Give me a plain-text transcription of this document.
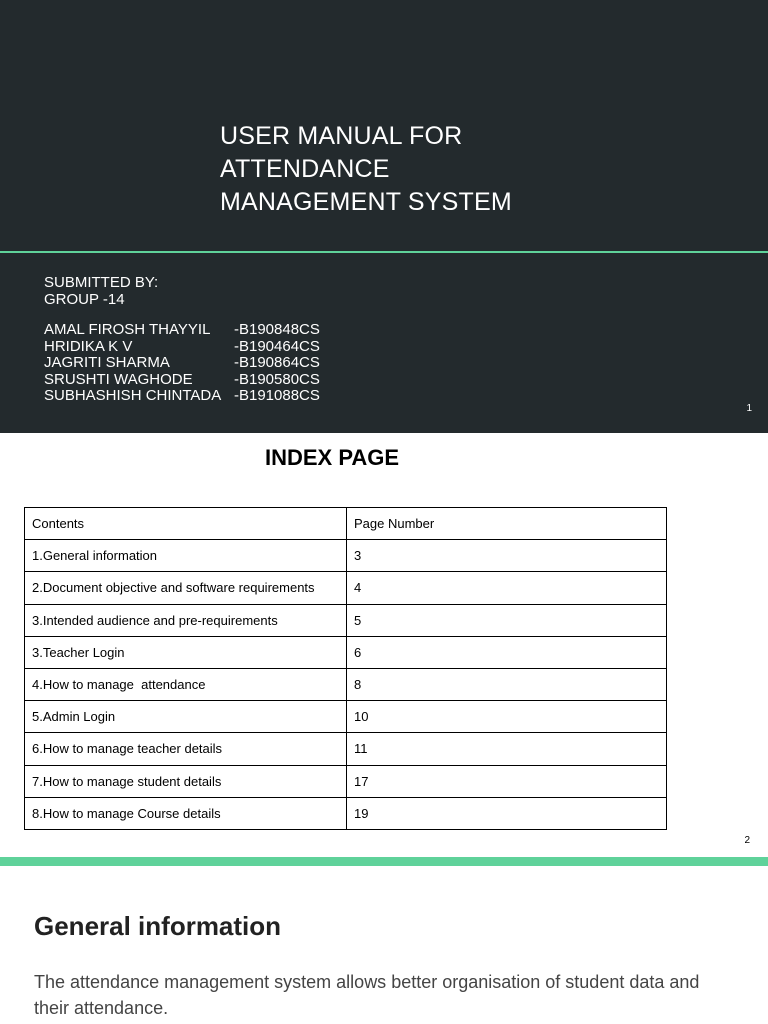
USER MANUAL FOR
ATTENDANCE
MANAGEMENT SYSTEM
SUBMITTED BY:
GROUP -14
AMAL FIROSH THAYYIL	-B190848CS
HRIDIKA K V	-B190464CS
JAGRITI SHARMA	-B190864CS
SRUSHTI WAGHODE	-B190580CS
SUBHASHISH CHINTADA -B191088CS
1
INDEX PAGE
Contents	Page Number
1.General information	3
2.Document objective and software requirements	4
3.Intended audience and pre-requirements	5
3.Teacher Login	6
4.How to manage  attendance	8
5.Admin Login	10
6.How to manage teacher details	11
7.How to manage student details	17
8.How to manage Course details	19
2
General information
The attendance management system allows better organisation of student data and their attendance.
